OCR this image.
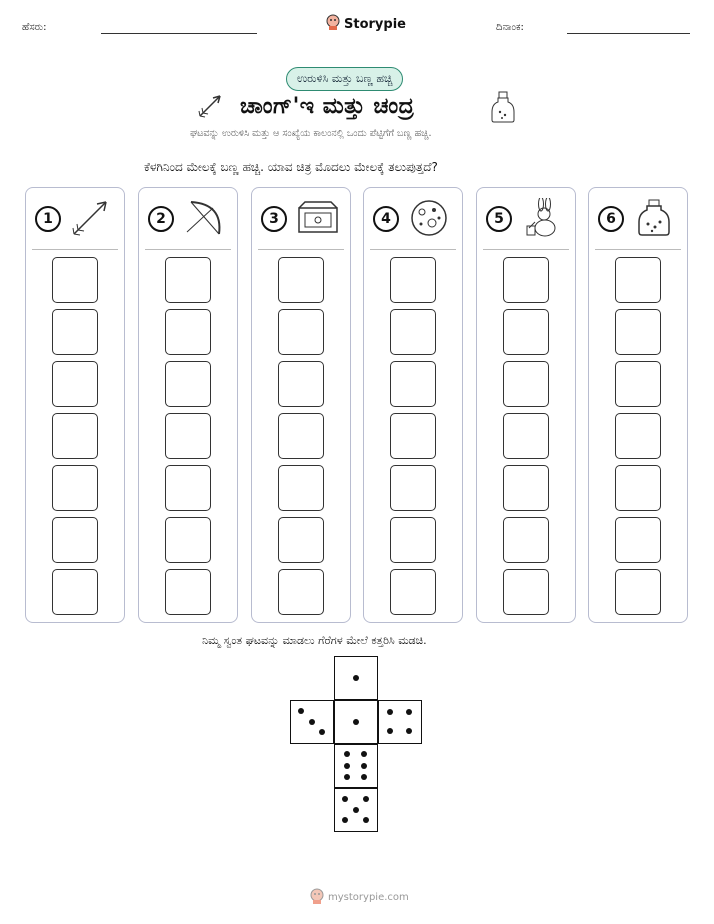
ಹೆಸರು:	Storypie	ದಿನಾಂಕ:
ಉರುಳಿಸಿ ಮತ್ತು ಬಣ್ಣ ಹಚ್ಚಿ
ಚಾಂಗ್'ಇ ಮತ್ತು ಚಂದ್ರ
ಘಟವನ್ನು ಉರುಳಿಸಿ ಮತ್ತು ಆ ಸಂಖ್ಯೆಯ ಕಾಲಂನಲ್ಲಿ ಒಂದು ಪೆಟ್ಟಿಗೆಗೆ ಬಣ್ಣ ಹಚ್ಚಿ.
ಕೆಳಗಿನಿಂದ ಮೇಲಕ್ಕೆ ಬಣ್ಣ ಹಚ್ಚಿ. ಯಾವ ಚಿತ್ರ ಮೊದಲು ಮೇಲಕ್ಕೆ ತಲುಪುತ್ತದೆ?
1	2	3	4	5	6
ನಿಮ್ಮ ಸ್ವಂತ ಘಟವನ್ನು ಮಾಡಲು ಗೆರೆಗಳ ಮೇಲೆ ಕತ್ತರಿಸಿ ಮಡಚಿ.
mystorypie.com
